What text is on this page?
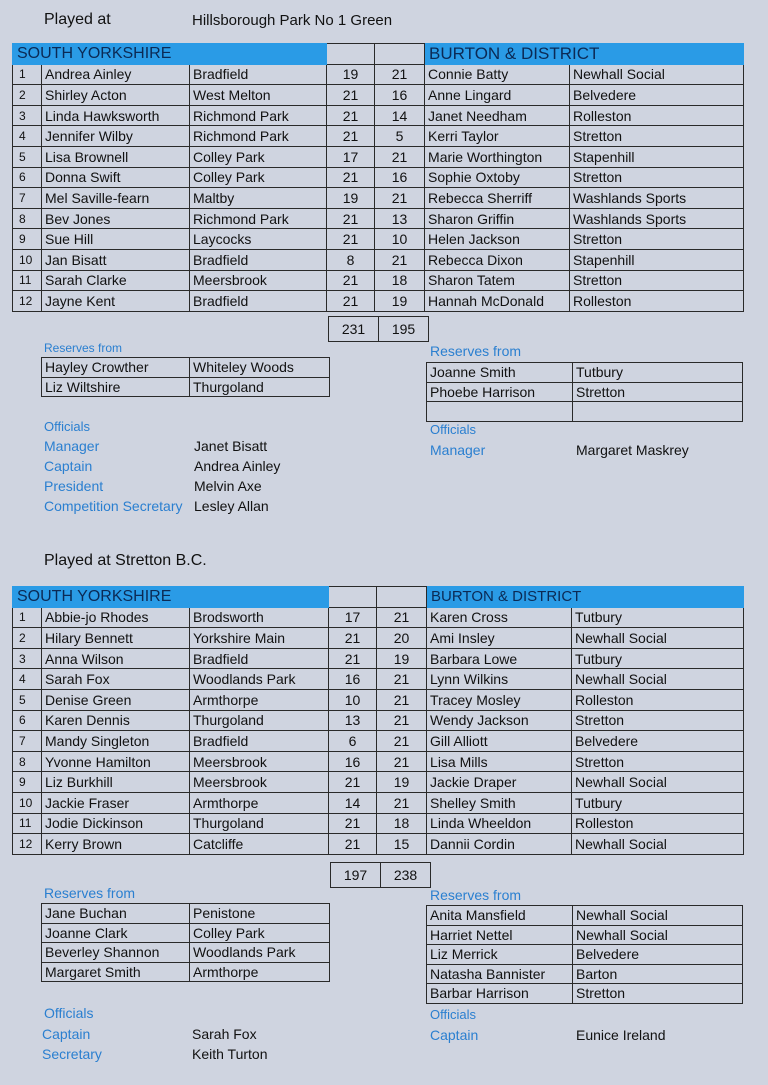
Played at	Hillsborough Park No 1 Green
SOUTH YORKSHIRE					BURTON & DISTRICT	
1	Andrea Ainley	Bradfield	19	21	Connie Batty	Newhall Social
2	Shirley Acton	West Melton	21	16	Anne Lingard	Belvedere
3	Linda Hawksworth	Richmond Park	21	14	Janet Needham	Rolleston
4	Jennifer Wilby	Richmond Park	21	5	Kerri Taylor	Stretton
5	Lisa Brownell	Colley Park	17	21	Marie Worthington	Stapenhill
6	Donna Swift	Colley Park	21	16	Sophie Oxtoby	Stretton
7	Mel Saville-fearn	Maltby	19	21	Rebecca Sherriff	Washlands Sports
8	Bev Jones	Richmond Park	21	13	Sharon Griffin	Washlands Sports
9	Sue Hill	Laycocks	21	10	Helen Jackson	Stretton
10	Jan Bisatt	Bradfield	8	21	Rebecca Dixon	Stapenhill
11	Sarah Clarke	Meersbrook	21	18	Sharon Tatem	Stretton
12	Jayne Kent	Bradfield	21	19	Hannah McDonald	Rolleston
231	195
Reserves from
Hayley Crowther	Whiteley Woods
Liz Wiltshire	Thurgoland
Reserves from
Joanne Smith	Tutbury
Phoebe Harrison	Stretton

Officials
Manager	Janet Bisatt
Captain	Andrea Ainley
President	Melvin Axe
Competition Secretary Lesley Allan
Officials
Manager	Margaret Maskrey
Played at Stretton B.C.
SOUTH YORKSHIRE					BURTON & DISTRICT	
1	Abbie-jo Rhodes	Brodsworth	17	21	Karen Cross	Tutbury
2	Hilary Bennett	Yorkshire Main	21	20	Ami Insley	Newhall Social
3	Anna Wilson	Bradfield	21	19	Barbara Lowe	Tutbury
4	Sarah Fox	Woodlands Park	16	21	Lynn Wilkins	Newhall Social
5	Denise Green	Armthorpe	10	21	Tracey Mosley	Rolleston
6	Karen Dennis	Thurgoland	13	21	Wendy Jackson	Stretton
7	Mandy Singleton	Bradfield	6	21	Gill Alliott	Belvedere
8	Yvonne Hamilton	Meersbrook	16	21	Lisa Mills	Stretton
9	Liz Burkhill	Meersbrook	21	19	Jackie Draper	Newhall Social
10	Jackie Fraser	Armthorpe	14	21	Shelley Smith	Tutbury
11	Jodie Dickinson	Thurgoland	21	18	Linda Wheeldon	Rolleston
12	Kerry Brown	Catcliffe	21	15	Dannii Cordin	Newhall Social
197	238
Reserves from
Jane Buchan	Penistone
Joanne Clark	Colley Park
Beverley Shannon	Woodlands Park
Margaret Smith	Armthorpe
Reserves from
Anita Mansfield	Newhall Social
Harriet Nettel	Newhall Social
Liz Merrick	Belvedere
Natasha Bannister	Barton
Barbar Harrison	Stretton
Officials
Captain	Sarah Fox
Secretary	Keith Turton
Officials
Captain	Eunice Ireland
